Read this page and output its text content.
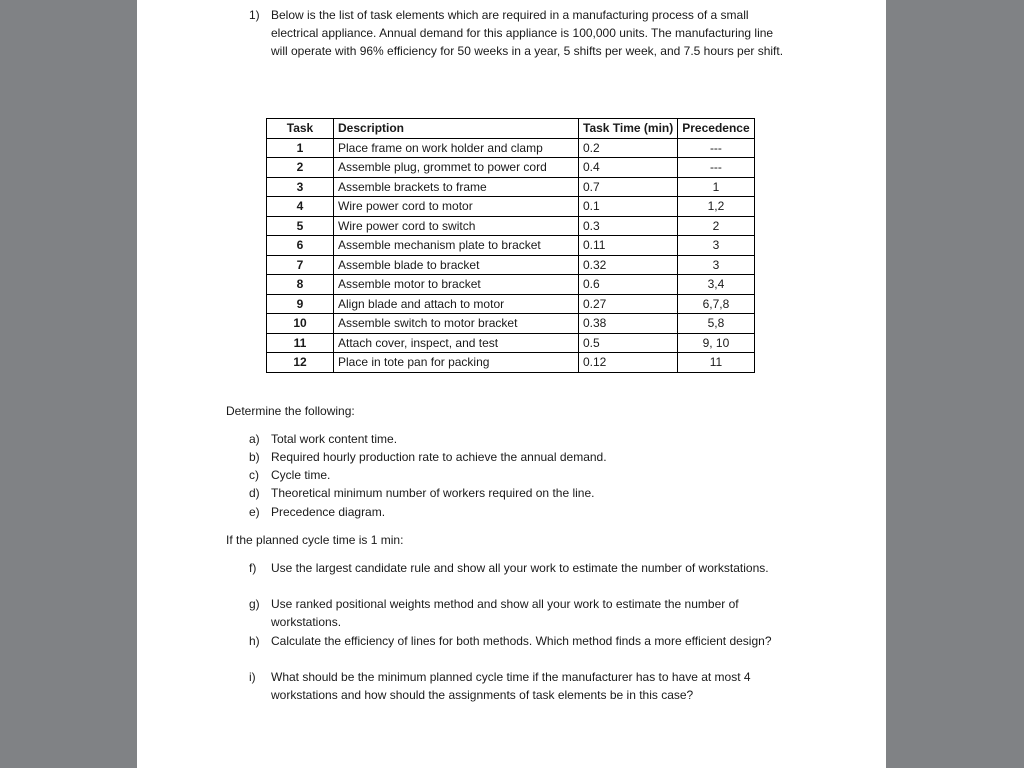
1) Below is the list of task elements which are required in a manufacturing process of a small electrical appliance. Annual demand for this appliance is 100,000 units. The manufacturing line will operate with 96% efficiency for 50 weeks in a year, 5 shifts per week, and 7.5 hours per shift.
Task	Description	Task Time (min)	Precedence
1	Place frame on work holder and clamp	0.2	---
2	Assemble plug, grommet to power cord	0.4	---
3	Assemble brackets to frame	0.7	1
4	Wire power cord to motor	0.1	1,2
5	Wire power cord to switch	0.3	2
6	Assemble mechanism plate to bracket	0.11	3
7	Assemble blade to bracket	0.32	3
8	Assemble motor to bracket	0.6	3,4
9	Align blade and attach to motor	0.27	6,7,8
10	Assemble switch to motor bracket	0.38	5,8
11	Attach cover, inspect, and test	0.5	9, 10
12	Place in tote pan for packing	0.12	11
Determine the following:
a) Total work content time.
b) Required hourly production rate to achieve the annual demand.
c) Cycle time.
d) Theoretical minimum number of workers required on the line.
e) Precedence diagram.
If the planned cycle time is 1 min:
f) Use the largest candidate rule and show all your work to estimate the number of workstations.
g) Use ranked positional weights method and show all your work to estimate the number of workstations.
h) Calculate the efficiency of lines for both methods. Which method finds a more efficient design?
i) What should be the minimum planned cycle time if the manufacturer has to have at most 4 workstations and how should the assignments of task elements be in this case?
